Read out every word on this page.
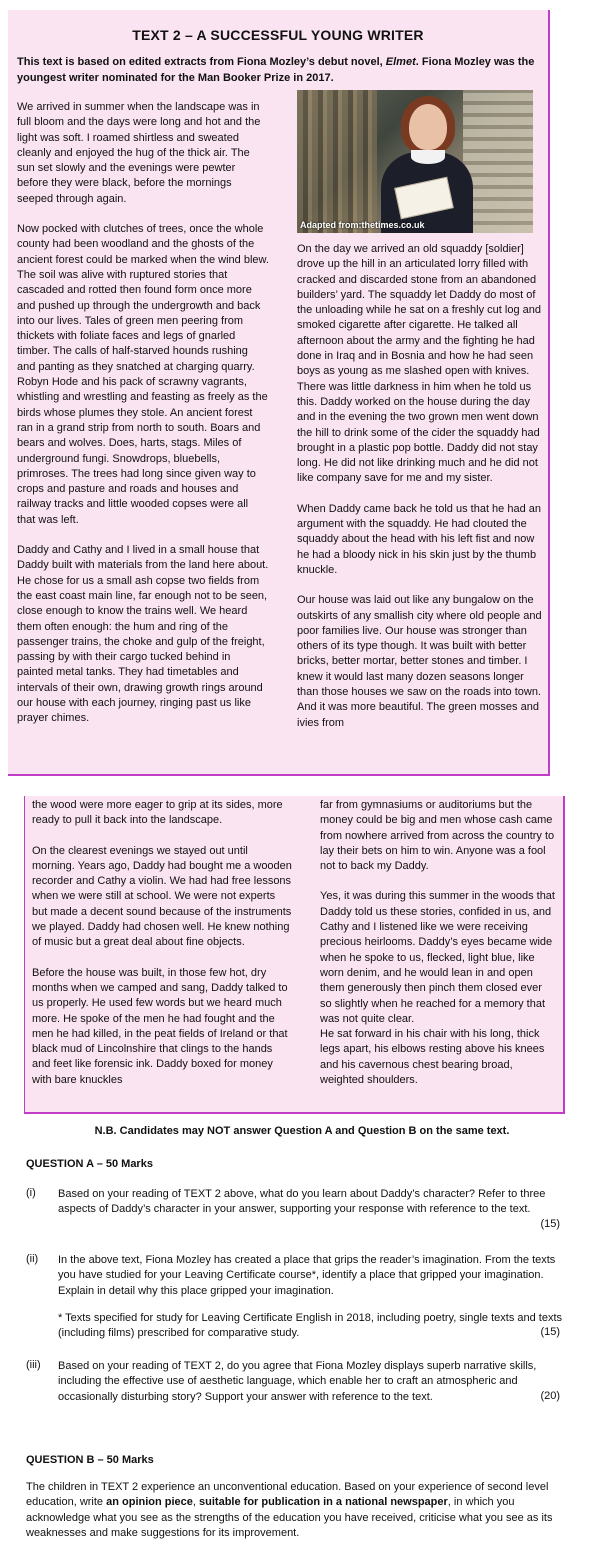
TEXT 2 – A SUCCESSFUL YOUNG WRITER
This text is based on edited extracts from Fiona Mozley’s debut novel, Elmet. Fiona Mozley was the youngest writer nominated for the Man Booker Prize in 2017.
Adapted from:thetimes.co.uk

We arrived in summer when the landscape was in full bloom and the days were long and hot and the light was soft. I roamed shirtless and sweated cleanly and enjoyed the hug of the thick air. The sun set slowly and the evenings were pewter before they were black, before the mornings seeped through again.

Now pocked with clutches of trees, once the whole county had been woodland and the ghosts of the ancient forest could be marked when the wind blew. The soil was alive with ruptured stories that cascaded and rotted then found form once more and pushed up through the undergrowth and back into our lives. Tales of green men peering from thickets with foliate faces and legs of gnarled timber. The calls of half-starved hounds rushing and panting as they snatched at charging quarry. Robyn Hode and his pack of scrawny vagrants, whistling and wrestling and feasting as freely as the birds whose plumes they stole. An ancient forest ran in a grand strip from north to south. Boars and bears and wolves. Does, harts, stags. Miles of underground fungi. Snowdrops, bluebells, primroses. The trees had long since given way to crops and pasture and roads and houses and railway tracks and little wooded copses were all that was left.

Daddy and Cathy and I lived in a small house that Daddy built with materials from the land here about. He chose for us a small ash copse two fields from the east coast main line, far enough not to be seen, close enough to know the trains well. We heard them often enough: the hum and ring of the passenger trains, the choke and gulp of the freight, passing by with their cargo tucked behind in painted metal tanks. They had timetables and intervals of their own, drawing growth rings around our house with each journey, ringing past us like prayer chimes.

On the day we arrived an old squaddy [soldier] drove up the hill in an articulated lorry filled with cracked and discarded stone from an abandoned builders’ yard. The squaddy let Daddy do most of the unloading while he sat on a freshly cut log and smoked cigarette after cigarette. He talked all afternoon about the army and the fighting he had done in Iraq and in Bosnia and how he had seen boys as young as me slashed open with knives. There was little darkness in him when he told us this. Daddy worked on the house during the day and in the evening the two grown men went down the hill to drink some of the cider the squaddy had brought in a plastic pop bottle. Daddy did not stay long. He did not like drinking much and he did not like company save for me and my sister.

When Daddy came back he told us that he had an argument with the squaddy. He had clouted the squaddy about the head with his left fist and now he had a bloody nick in his skin just by the thumb knuckle.

Our house was laid out like any bungalow on the outskirts of any smallish city where old people and poor families live. Our house was stronger than others of its type though. It was built with better bricks, better mortar, better stones and timber. I knew it would last many dozen seasons longer than those houses we saw on the roads into town. And it was more beautiful. The green mosses and ivies from

the wood were more eager to grip at its sides, more ready to pull it back into the landscape.

On the clearest evenings we stayed out until morning. Years ago, Daddy had bought me a wooden recorder and Cathy a violin. We had had free lessons when we were still at school. We were not experts but made a decent sound because of the instruments we played. Daddy had chosen well. He knew nothing of music but a great deal about fine objects.

Before the house was built, in those few hot, dry months when we camped and sang, Daddy talked to us properly. He used few words but we heard much more. He spoke of the men he had fought and the men he had killed, in the peat fields of Ireland or that black mud of Lincolnshire that clings to the hands and feet like forensic ink. Daddy boxed for money with bare knuckles

far from gymnasiums or auditoriums but the money could be big and men whose cash came from nowhere arrived from across the country to lay their bets on him to win. Anyone was a fool not to back my Daddy.

Yes, it was during this summer in the woods that Daddy told us these stories, confided in us, and Cathy and I listened like we were receiving precious heirlooms. Daddy’s eyes became wide when he spoke to us, flecked, light blue, like worn denim, and he would lean in and open them generously then pinch them closed ever so slightly when he reached for a memory that was not quite clear.

He sat forward in his chair with his long, thick legs apart, his elbows resting above his knees and his cavernous chest bearing broad, weighted shoulders.

N.B. Candidates may NOT answer Question A and Question B on the same text.
QUESTION A – 50 Marks
(i) Based on your reading of TEXT 2 above, what do you learn about Daddy’s character? Refer to three aspects of Daddy’s character in your answer, supporting your response with reference to the text.
(15)
(ii) In the above text, Fiona Mozley has created a place that grips the reader’s imagination. From the texts you have studied for your Leaving Certificate course*, identify a place that gripped your imagination. Explain in detail why this place gripped your imagination.
* Texts specified for study for Leaving Certificate English in 2018, including poetry, single texts and texts (including films) prescribed for comparative study.	(15)
(iii) Based on your reading of TEXT 2, do you agree that Fiona Mozley displays superb narrative skills, including the effective use of aesthetic language, which enable her to craft an atmospheric and occasionally disturbing story? Support your answer with reference to the text.	(20)
QUESTION B – 50 Marks
The children in TEXT 2 experience an unconventional education. Based on your experience of second level education, write an opinion piece, suitable for publication in a national newspaper, in which you acknowledge what you see as the strengths of the education you have received, criticise what you see as its weaknesses and make suggestions for its improvement.
